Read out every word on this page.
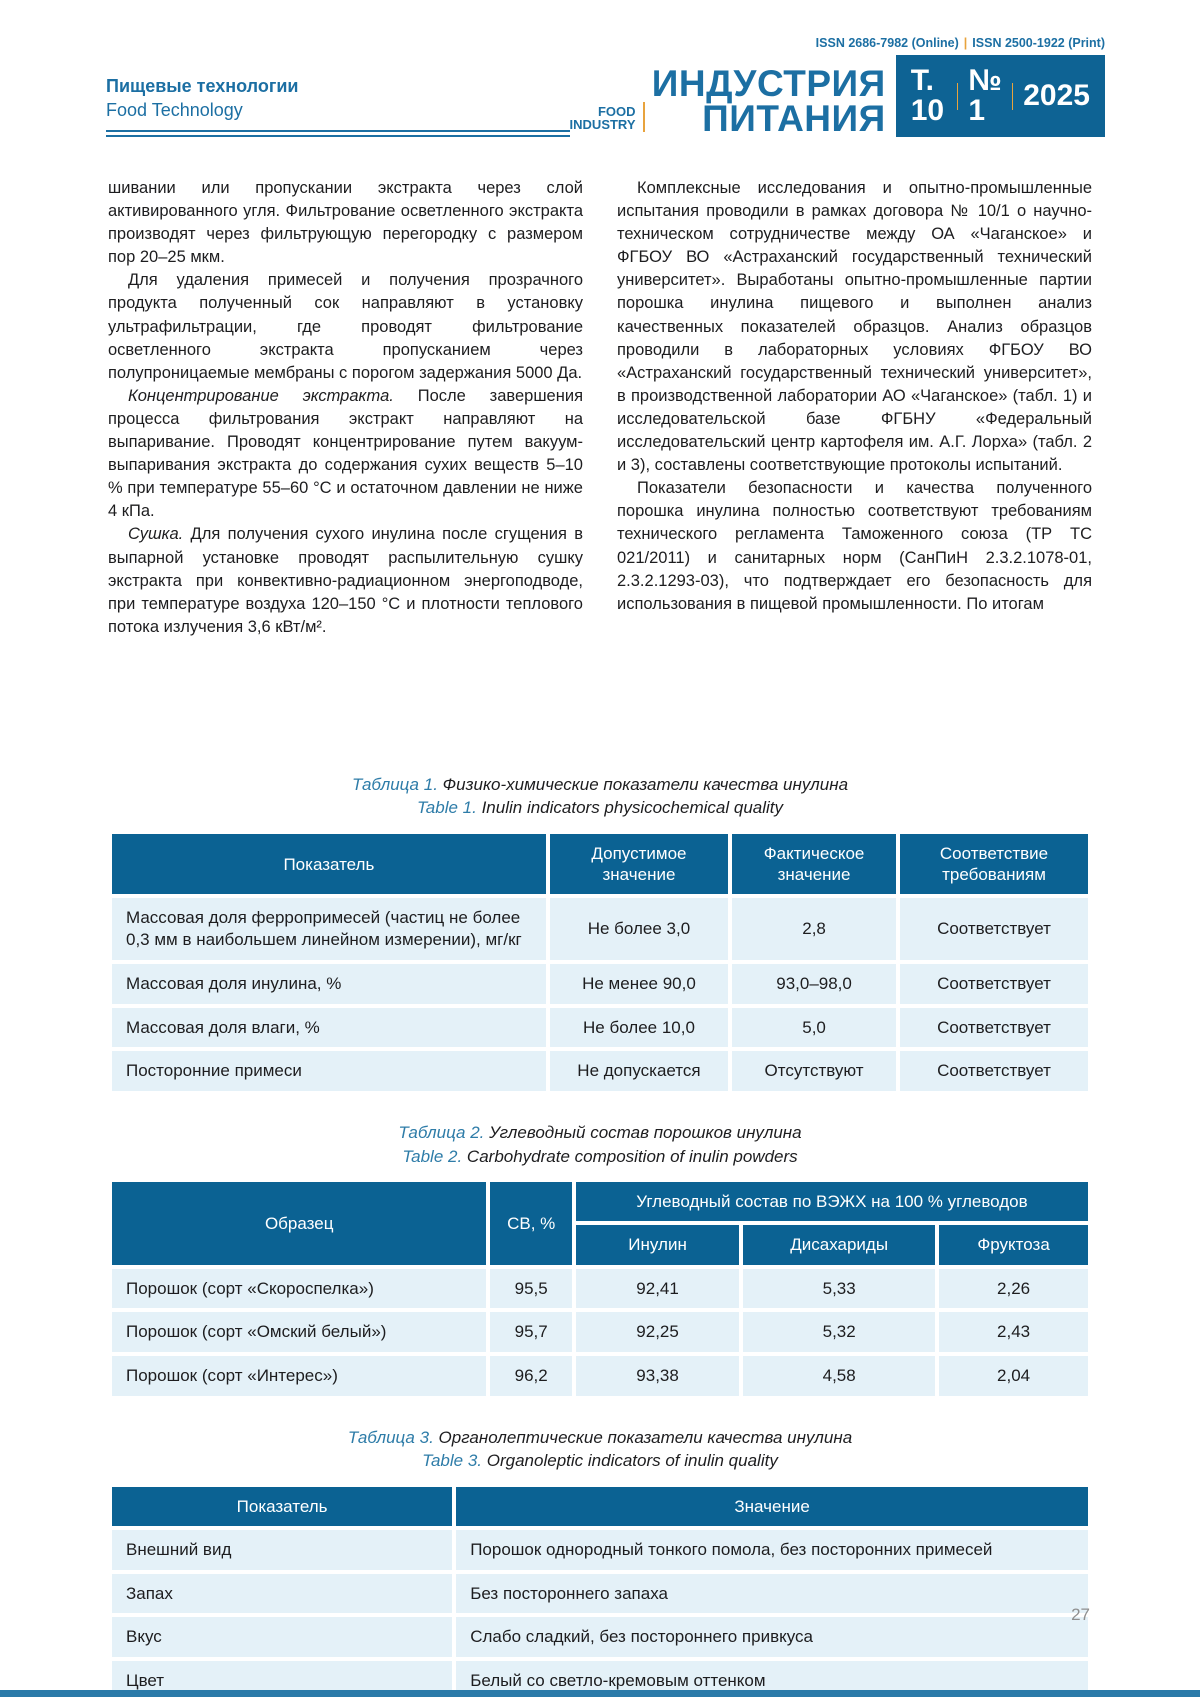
Пищевые технологии
Food Technology
ISSN 2686-7982 (Online) | ISSN 2500-1922 (Print)
FOOD
INDUSTRY
ИНДУСТРИЯ
ПИТАНИЯ
Т. 10
№ 1	2025

шивании или пропускании экстракта через слой активированного угля. Фильтрование осветленного экстракта производят через фильтрующую перегородку с размером пор 20–25 мкм.

Для удаления примесей и получения прозрачного продукта полученный сок направляют в установку ультрафильтрации, где проводят фильтрование осветленного экстракта пропусканием через полупроницаемые мембраны с порогом задержания 5000 Да.

Концентрирование экстракта. После завершения процесса фильтрования экстракт направляют на выпаривание. Проводят концентрирование путем вакуум-выпаривания экстракта до содержания сухих веществ 5–10 % при температуре 55–60 °С и остаточном давлении не ниже 4 кПа.

Сушка. Для получения сухого инулина после сгущения в выпарной установке проводят распылительную сушку экстракта при конвективно-радиационном энергоподводе, при температуре воздуха 120–150 °С и плотности теплового потока излучения 3,6 кВт/м².

Комплексные исследования и опытно-промышленные испытания проводили в рамках договора № 10/1 о научно-техническом сотрудничестве между ОА «Чаганское» и ФГБОУ ВО «Астраханский государственный технический университет». Выработаны опытно-промышленные партии порошка инулина пищевого и выполнен анализ качественных показателей образцов. Анализ образцов проводили в лабораторных условиях ФГБОУ ВО «Астраханский государственный технический университет», в производственной лаборатории АО «Чаганское» (табл. 1) и исследовательской базе ФГБНУ «Федеральный исследовательский центр картофеля им. А.Г. Лорха» (табл. 2 и 3), составлены соответствующие протоколы испытаний.

Показатели безопасности и качества полученного порошка инулина полностью соответствуют требованиям технического регламента Таможенного союза (ТР ТС 021/2011) и санитарных норм (СанПиН 2.3.2.1078-01, 2.3.2.1293-03), что подтверждает его безопасность для использования в пищевой промышленности. По итогам

Таблица 1. Физико-химические показатели качества инулина
Table 1. Inulin indicators physicochemical quality
Показатель	Допустимое значение	Фактическое значение	Соответствие требованиям
Массовая доля ферропримесей (частиц не более 0,3 мм в наибольшем линейном измерении), мг/кг	Не более 3,0	2,8	Соответствует
Массовая доля инулина, %	Не менее 90,0	93,0–98,0	Соответствует
Массовая доля влаги, %	Не более 10,0	5,0	Соответствует
Посторонние примеси	Не допускается	Отсутствуют	Соответствует
Таблица 2. Углеводный состав порошков инулина
Table 2. Carbohydrate composition of inulin powders
Образец	СВ, %	Углеводный состав по ВЭЖХ на 100 % углеводов		
		Инулин	Дисахариды	Фруктоза
Порошок (сорт «Скороспелка»)	95,5	92,41	5,33	2,26
Порошок (сорт «Омский белый»)	95,7	92,25	5,32	2,43
Порошок (сорт «Интерес»)	96,2	93,38	4,58	2,04
Таблица 3. Органолептические показатели качества инулина
Table 3. Organoleptic indicators of inulin quality
Показатель	Значение
Внешний вид	Порошок однородный тонкого помола, без посторонних примесей
Запах	Без постороннего запаха
Вкус	Слабо сладкий, без постороннего привкуса
Цвет	Белый со светло-кремовым оттенком
27
